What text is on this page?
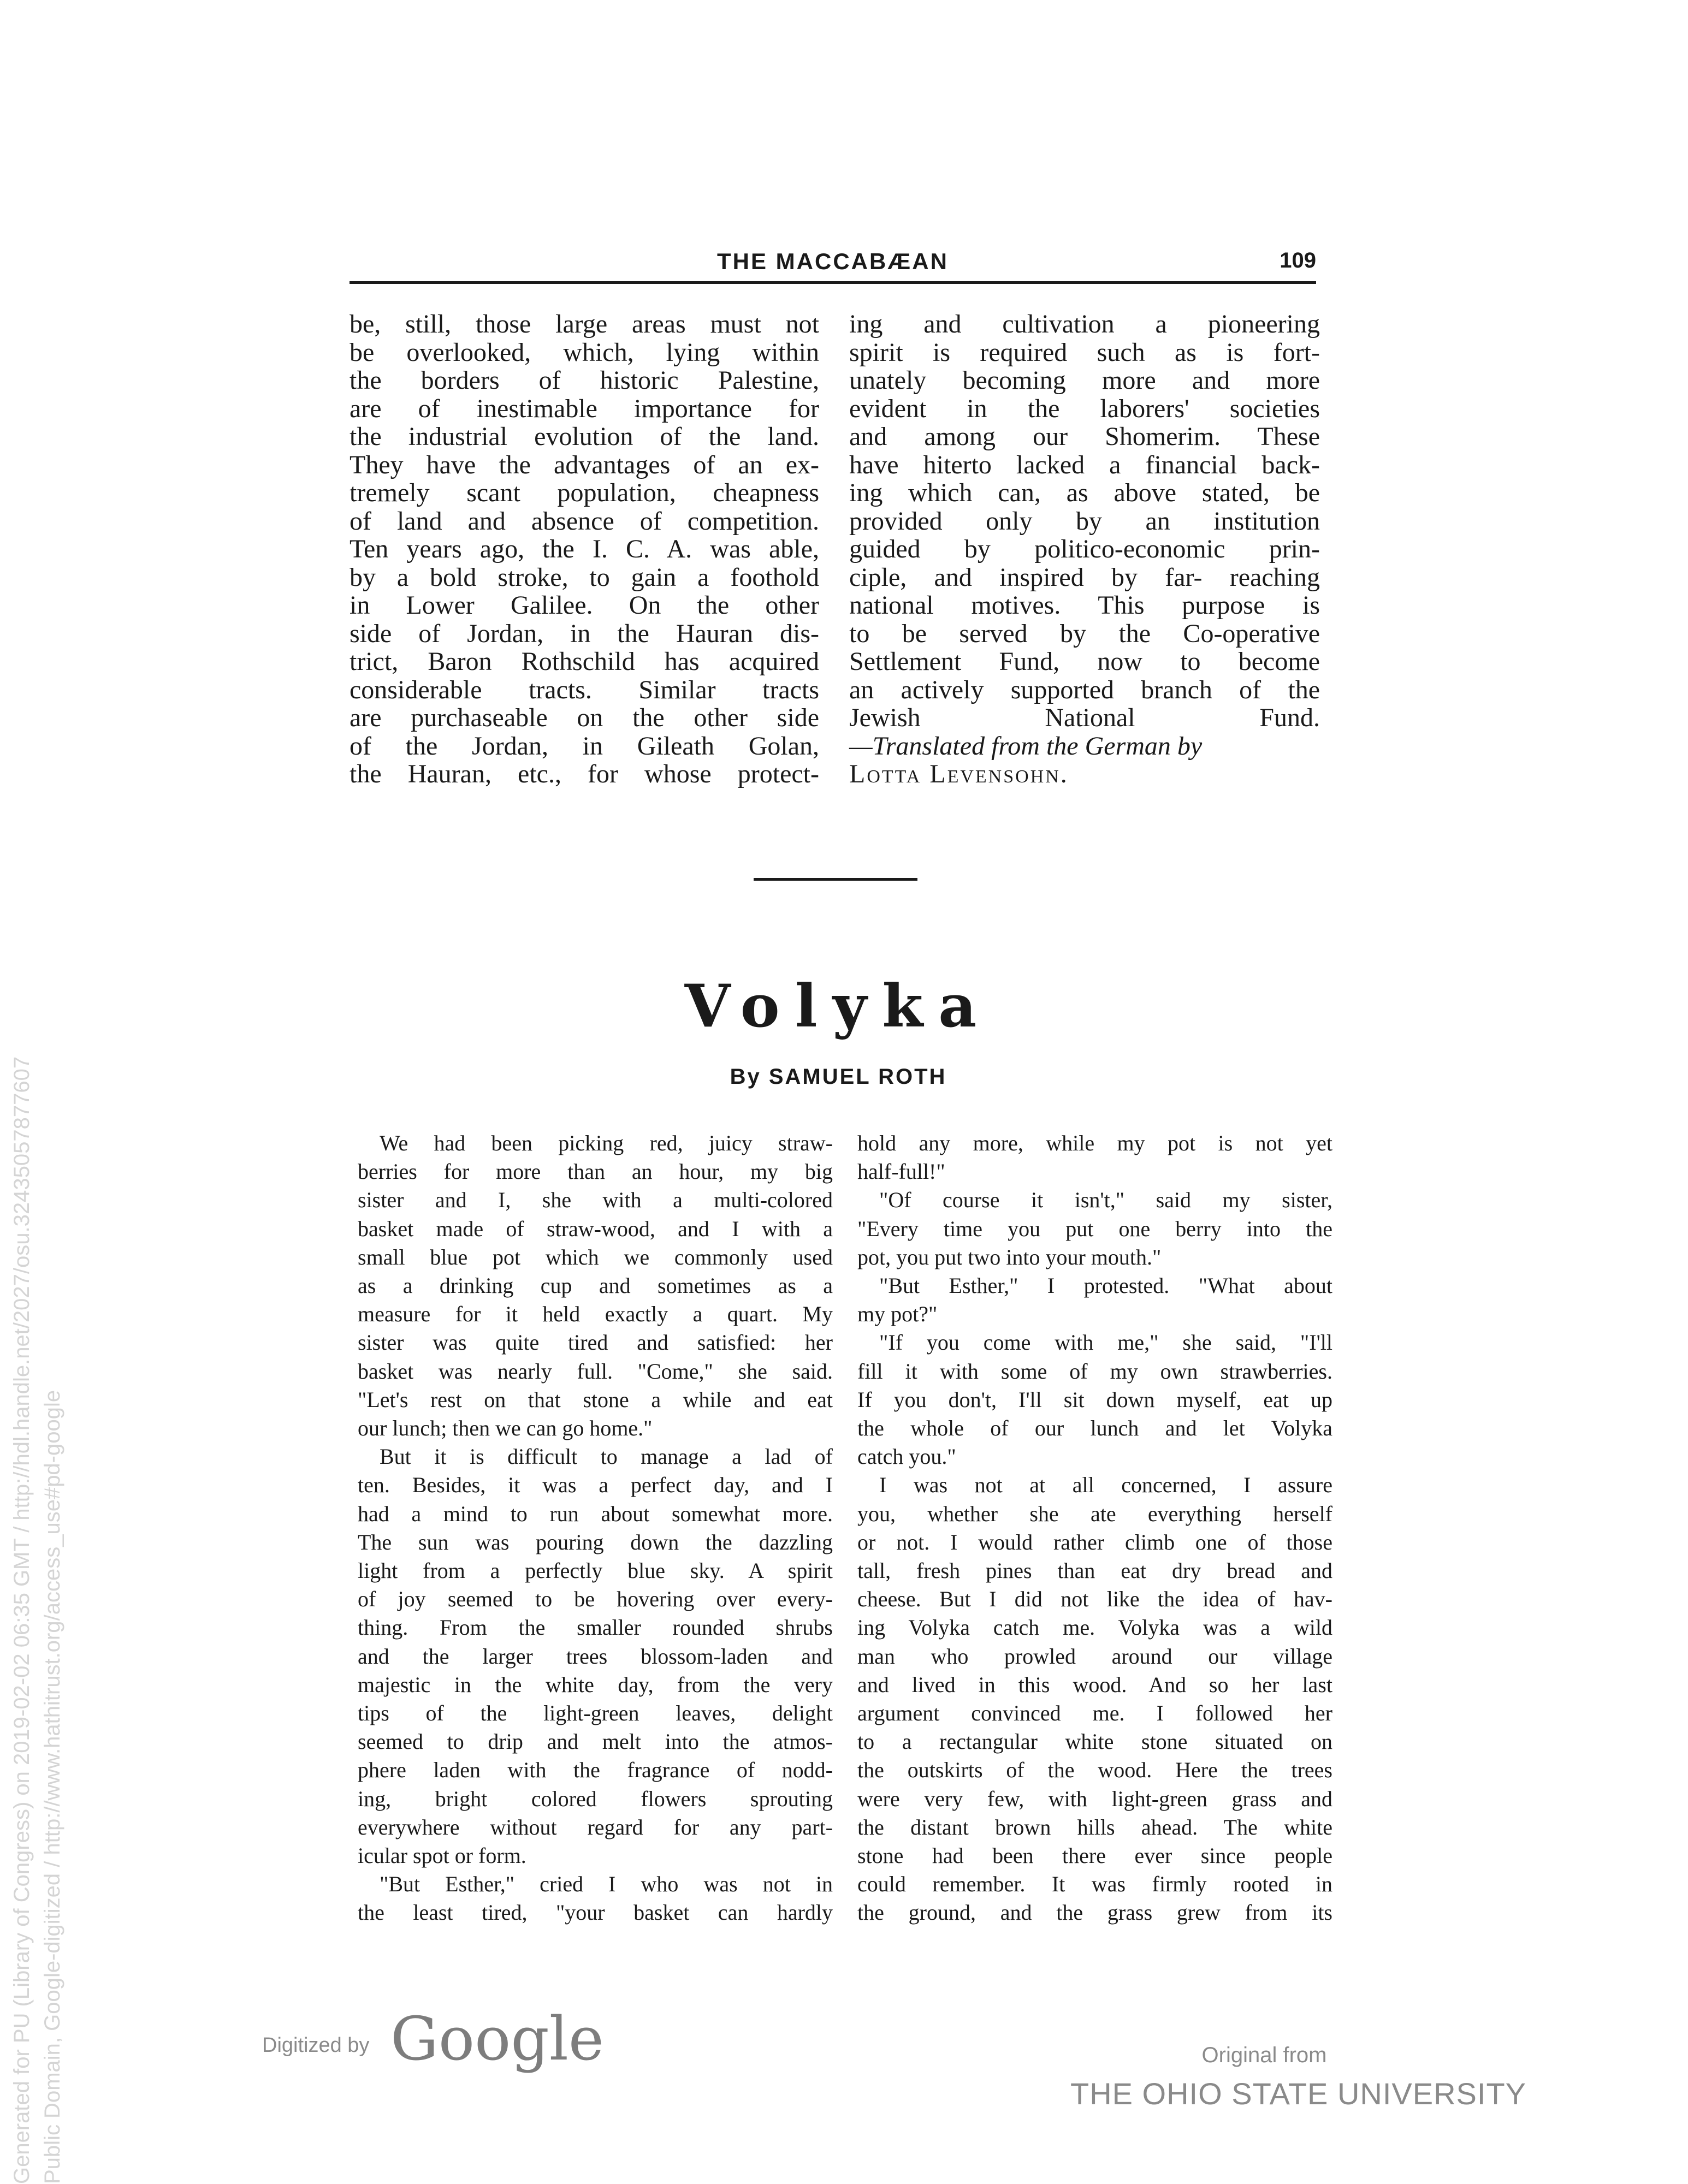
THE MACCABÆAN	109
be, still, those large areas must not
be overlooked, which, lying within
the borders of historic Palestine,
are of inestimable importance for
the industrial evolution of the land.
They have the advantages of an ex-
tremely scant population, cheapness
of land and absence of competition.
Ten years ago, the I. C. A. was able,
by a bold stroke, to gain a foothold
in Lower Galilee. On the other
side of Jordan, in the Hauran dis-
trict, Baron Rothschild has acquired
considerable tracts. Similar tracts
are purchaseable on the other side
of the Jordan, in Gileath Golan,
the Hauran, etc., for whose protect-
ing and cultivation a pioneering
spirit is required such as is fort-
unately becoming more and more
evident in the laborers' societies
and among our Shomerim. These
have hiterto lacked a financial back-
ing which can, as above stated, be
provided only by an institution
guided by politico-economic prin-
ciple, and inspired by far- reaching
national motives. This purpose is
to be served by the Co-operative
Settlement Fund, now to become
an actively supported branch of the
Jewish National Fund.
—Translated from the German by
Lotta Levensohn.
Volyka
By SAMUEL ROTH
We had been picking red, juicy straw-
berries for more than an hour, my big
sister and I, she with a multi-colored
basket made of straw-wood, and I with a
small blue pot which we commonly used
as a drinking cup and sometimes as a
measure for it held exactly a quart. My
sister was quite tired and satisfied: her
basket was nearly full. "Come," she said.
"Let's rest on that stone a while and eat
our lunch; then we can go home."
But it is difficult to manage a lad of
ten. Besides, it was a perfect day, and I
had a mind to run about somewhat more.
The sun was pouring down the dazzling
light from a perfectly blue sky. A spirit
of joy seemed to be hovering over every-
thing. From the smaller rounded shrubs
and the larger trees blossom-laden and
majestic in the white day, from the very
tips of the light-green leaves, delight
seemed to drip and melt into the atmos-
phere laden with the fragrance of nodd-
ing, bright colored flowers sprouting
everywhere without regard for any part-
icular spot or form.
"But Esther," cried I who was not in
the least tired, "your basket can hardly
hold any more, while my pot is not yet
half-full!"
"Of course it isn't," said my sister,
"Every time you put one berry into the
pot, you put two into your mouth."
"But Esther," I protested. "What about
my pot?"
"If you come with me," she said, "I'll
fill it with some of my own strawberries.
If you don't, I'll sit down myself, eat up
the whole of our lunch and let Volyka
catch you."
I was not at all concerned, I assure
you, whether she ate everything herself
or not. I would rather climb one of those
tall, fresh pines than eat dry bread and
cheese. But I did not like the idea of hav-
ing Volyka catch me. Volyka was a wild
man who prowled around our village
and lived in this wood. And so her last
argument convinced me. I followed her
to a rectangular white stone situated on
the outskirts of the wood. Here the trees
were very few, with light-green grass and
the distant brown hills ahead. The white
stone had been there ever since people
could remember. It was firmly rooted in
the ground, and the grass grew from its
Generated for PU (Library of Congress) on 2019-02-02 06:35 GMT / http://hdl.handle.net/2027/osu.32435057877607 Public Domain, Google-digitized / http://www.hathitrust.org/access_use#pd-google	Digitized by Google	Original from
THE OHIO STATE UNIVERSITY
